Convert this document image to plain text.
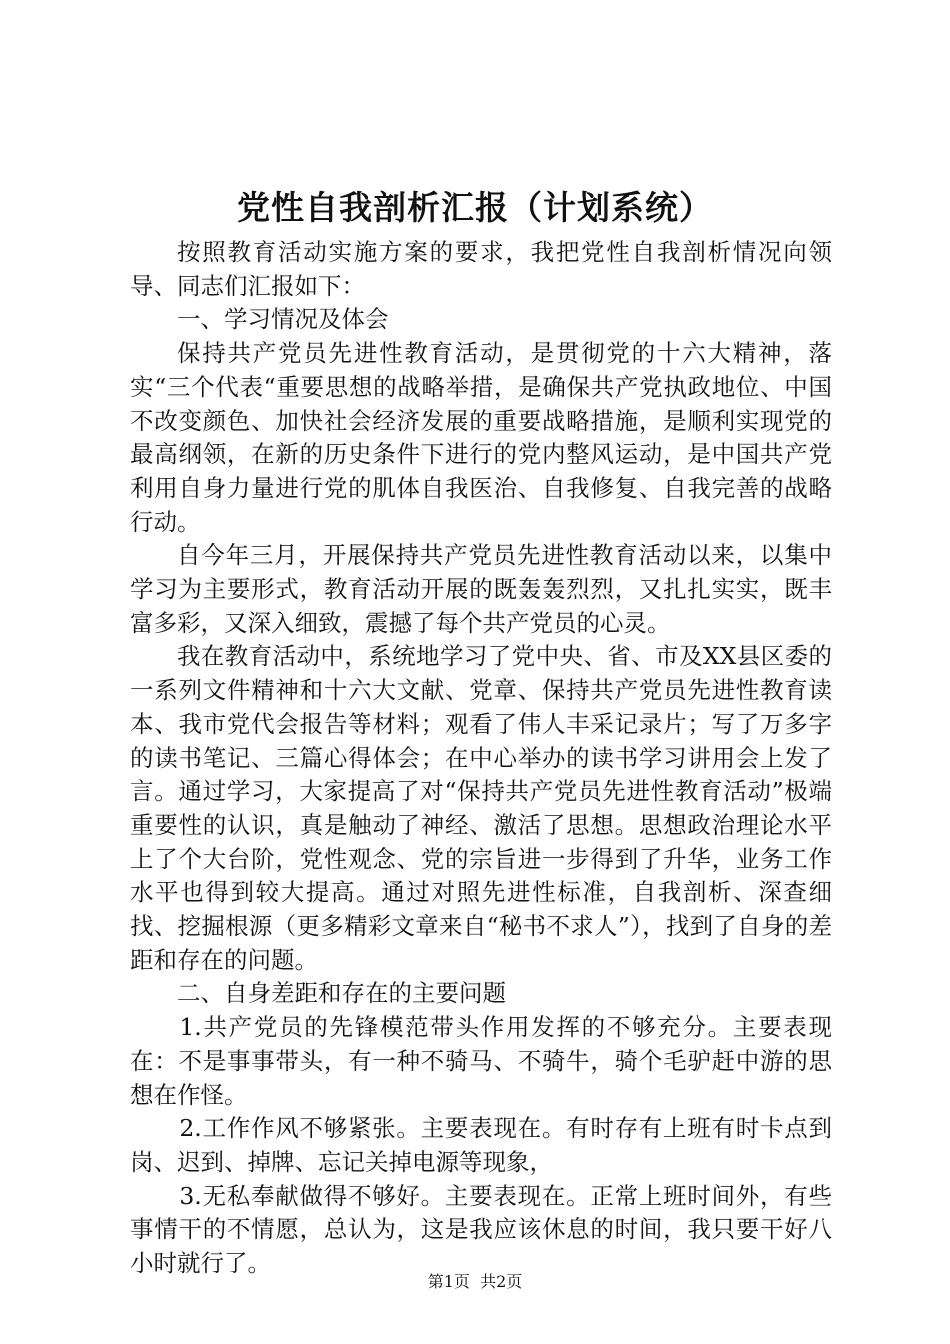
党性自我剖析汇报（计划系统）

按照教育活动实施方案的要求，我把党性自我剖析情况向领导、同志们汇报如下：

一、学习情况及体会

保持共产党员先进性教育活动，是贯彻党的十六大精神，落实“三个代表“重要思想的战略举措，是确保共产党执政地位、中国不改变颜色、加快社会经济发展的重要战略措施，是顺利实现党的最高纲领，在新的历史条件下进行的党内整风运动，是中国共产党利用自身力量进行党的肌体自我医治、自我修复、自我完善的战略行动。

自今年三月，开展保持共产党员先进性教育活动以来，以集中学习为主要形式，教育活动开展的既轰轰烈烈，又扎扎实实，既丰富多彩，又深入细致，震撼了每个共产党员的心灵。

我在教育活动中，系统地学习了党中央、省、市及XX县区委的一系列文件精神和十六大文献、党章、保持共产党员先进性教育读本、我市党代会报告等材料；观看了伟人丰采记录片；写了万多字的读书笔记、三篇心得体会；在中心举办的读书学习讲用会上发了言。通过学习，大家提高了对“保持共产党员先进性教育活动”极端重要性的认识，真是触动了神经、激活了思想。思想政治理论水平上了个大台阶，党性观念、党的宗旨进一步得到了升华，业务工作水平也得到较大提高。通过对照先进性标准，自我剖析、深查细找、挖掘根源（更多精彩文章来自“秘书不求人”），找到了自身的差距和存在的问题。

二、自身差距和存在的主要问题

1.共产党员的先锋模范带头作用发挥的不够充分。主要表现在：不是事事带头，有一种不骑马、不骑牛，骑个毛驴赶中游的思想在作怪。

2.工作作风不够紧张。主要表现在。有时存有上班有时卡点到岗、迟到、掉牌、忘记关掉电源等现象，

3.无私奉献做得不够好。主要表现在。正常上班时间外，有些事情干的不情愿，总认为，这是我应该休息的时间，我只要干好八小时就行了。

第1页  共2页
